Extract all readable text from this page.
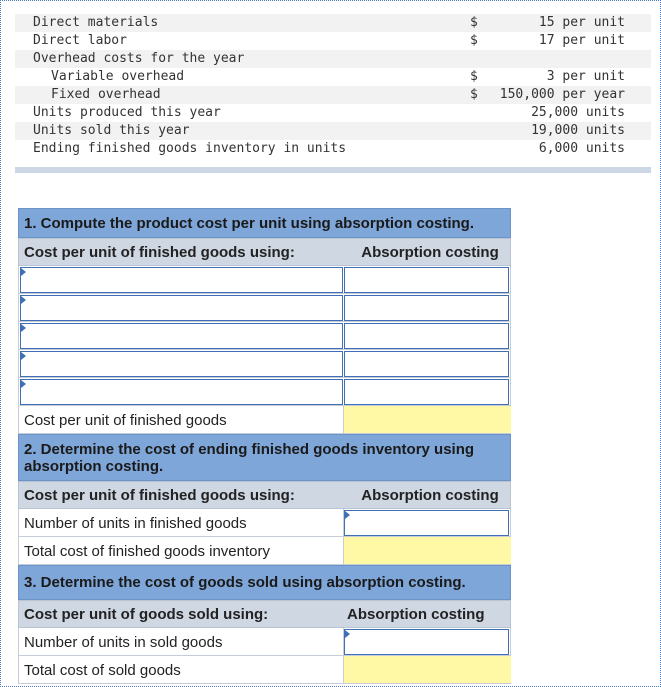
Direct materials	$	15 per unit
Direct labor	$	17 per unit
Overhead costs for the year
Variable overhead	$	3 per unit
Fixed overhead	$ 150,000 per year
Units produced this year	25,000 units
Units sold this year	19,000 units
Ending finished goods inventory in units	6,000 units
1. Compute the product cost per unit using absorption costing.
Cost per unit of finished goods using:	Absorption costing
Cost per unit of finished goods
2. Determine the cost of ending finished goods inventory using absorption costing.
Cost per unit of finished goods using:	Absorption costing
Number of units in finished goods
Total cost of finished goods inventory
3. Determine the cost of goods sold using absorption costing.
Cost per unit of goods sold using:	Absorption costing
Number of units in sold goods
Total cost of sold goods
